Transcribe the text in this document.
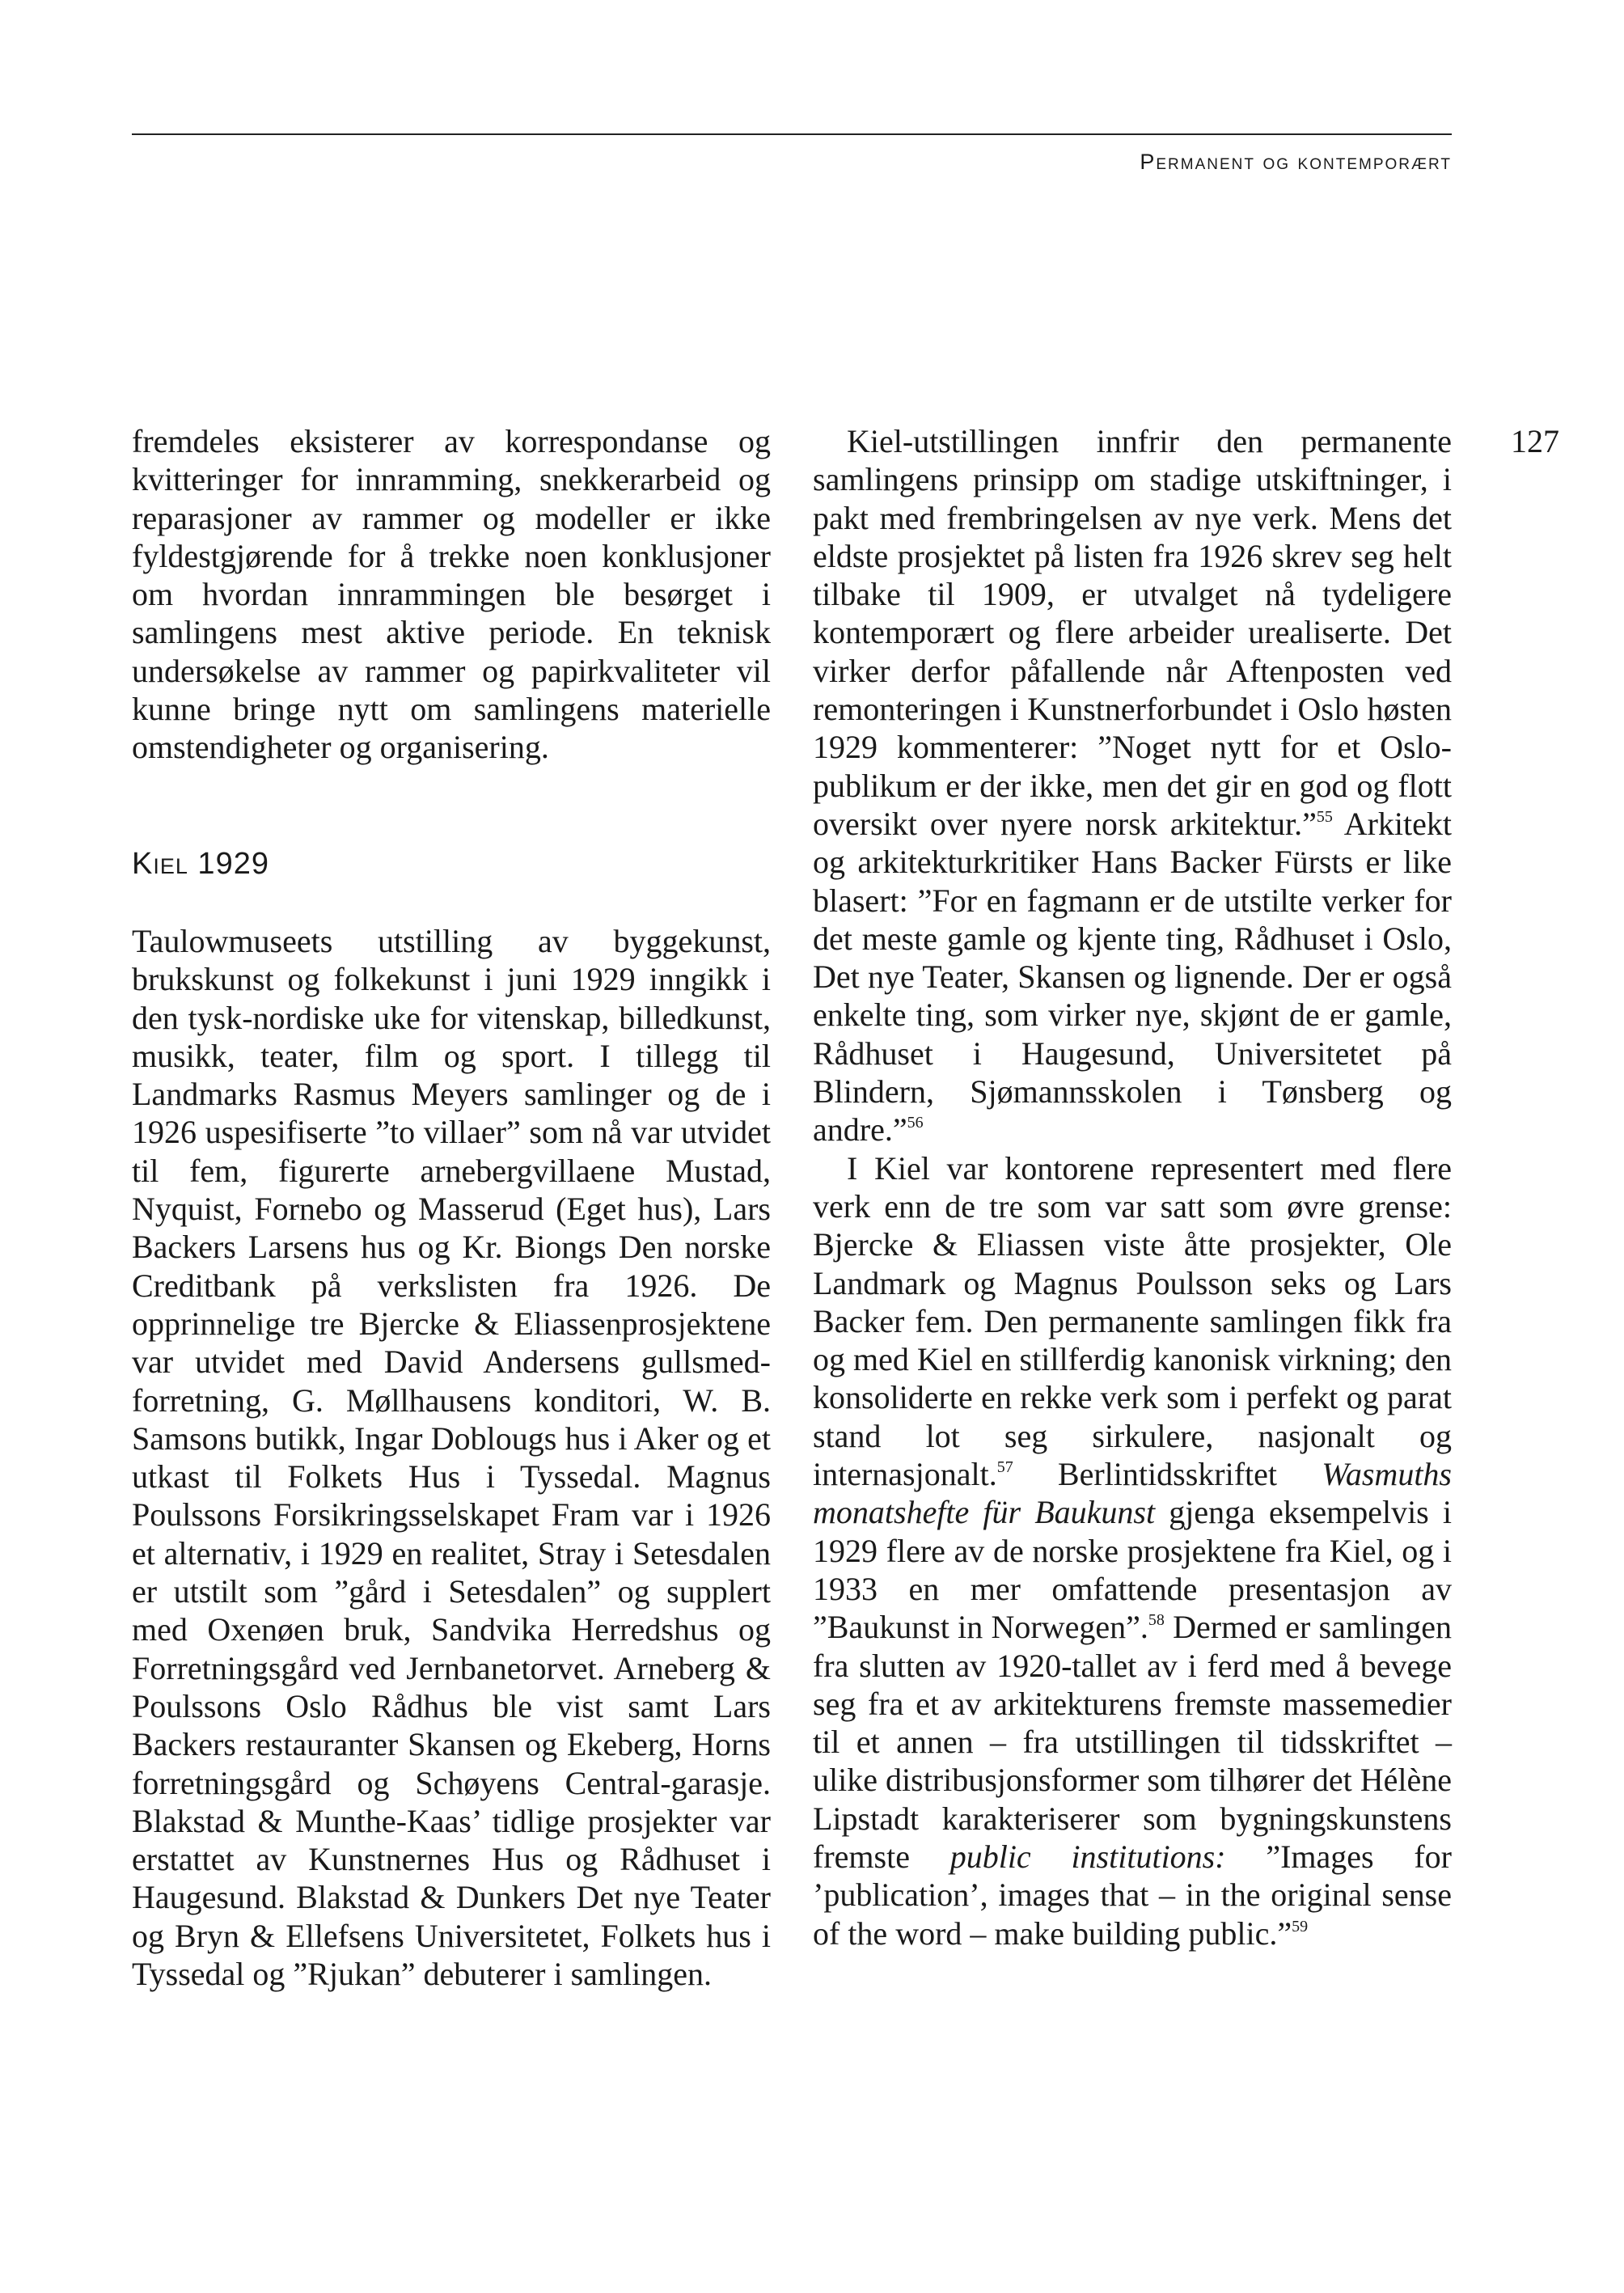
Permanent og kontemporært
127

fremdeles eksisterer av korrespondanse og kvitteringer for innramming, snekkerarbeid og reparasjoner av rammer og modeller er ikke fyldestgjørende for å trekke noen konklusjoner om hvordan innrammingen ble besørget i samlingens mest aktive periode. En teknisk undersøkelse av rammer og papirkvaliteter vil kunne bringe nytt om samlingens materielle omstendigheter og organisering.

Kiel 1929

Taulowmuseets utstilling av byggekunst, brukskunst og folkekunst i juni 1929 inngikk i den tysk-nordiske uke for vitenskap, billedkunst, musikk, teater, film og sport. I tillegg til Landmarks Rasmus Meyers samlinger og de i 1926 uspesifiserte ”to villaer” som nå var utvidet til fem, figurerte arnebergvillaene Mustad, Nyquist, Fornebo og Masserud (Eget hus), Lars Backers Larsens hus og Kr. Biongs Den norske Creditbank på verkslisten fra 1926. De opprinnelige tre Bjercke & Eliassenprosjektene var utvidet med David Andersens gullsmed-forretning, G. Møllhausens konditori, W. B. Samsons butikk, Ingar Doblougs hus i Aker og et utkast til Folkets Hus i Tyssedal. Magnus Poulssons Forsikringsselskapet Fram var i 1926 et alternativ, i 1929 en realitet, Stray i Setesdalen er utstilt som ”gård i Setesdalen” og supplert med Oxenøen bruk, Sandvika Herredshus og Forretningsgård ved Jernbanetorvet. Arneberg & Poulssons Oslo Rådhus ble vist samt Lars Backers restauranter Skansen og Ekeberg, Horns forretningsgård og Schøyens Central-garasje. Blakstad & Munthe-Kaas’ tidlige prosjekter var erstattet av Kunstnernes Hus og Rådhuset i Haugesund. Blakstad & Dunkers Det nye Teater og Bryn & Ellefsens Universitetet, Folkets hus i Tyssedal og ”Rjukan” debuterer i samlingen.

Kiel-utstillingen innfrir den permanente samlingens prinsipp om stadige utskiftninger, i pakt med frembringelsen av nye verk. Mens det eldste prosjektet på listen fra 1926 skrev seg helt tilbake til 1909, er utvalget nå tydeligere kontemporært og flere arbeider urealiserte. Det virker derfor påfallende når Aftenposten ved remonteringen i Kunstnerforbundet i Oslo høsten 1929 kommenterer: ”Noget nytt for et Oslo-publikum er der ikke, men det gir en god og flott oversikt over nyere norsk arkitektur.”$^{55}$ Arkitekt og arkitekturkritiker Hans Backer Fürsts er like blasert: ”For en fagmann er de utstilte verker for det meste gamle og kjente ting, Rådhuset i Oslo, Det nye Teater, Skansen og lignende. Der er også enkelte ting, som virker nye, skjønt de er gamle, Rådhuset i Haugesund, Universitetet på Blindern, Sjømannsskolen i Tønsberg og andre.”$^{56}$

I Kiel var kontorene representert med flere verk enn de tre som var satt som øvre grense: Bjercke & Eliassen viste åtte prosjekter, Ole Landmark og Magnus Poulsson seks og Lars Backer fem. Den permanente samlingen fikk fra og med Kiel en stillferdig kanonisk virkning; den konsoliderte en rekke verk som i perfekt og parat stand lot seg sirkulere, nasjonalt og internasjonalt.$^{57}$ Berlintidsskriftet Wasmuths monatshefte für Baukunst gjenga eksempelvis i 1929 flere av de norske prosjektene fra Kiel, og i 1933 en mer omfattende presentasjon av ”Baukunst in Norwegen”.$^{58}$ Dermed er samlingen fra slutten av 1920-tallet av i ferd med å bevege seg fra et av arkitekturens fremste massemedier til et annen – fra utstillingen til tidsskriftet – ulike distribusjonsformer som tilhører det Hélène Lipstadt karakteriserer som bygningskunstens fremste public institutions: ”Images for ’publication’, images that – in the original sense of the word – make building public.”$^{59}$
